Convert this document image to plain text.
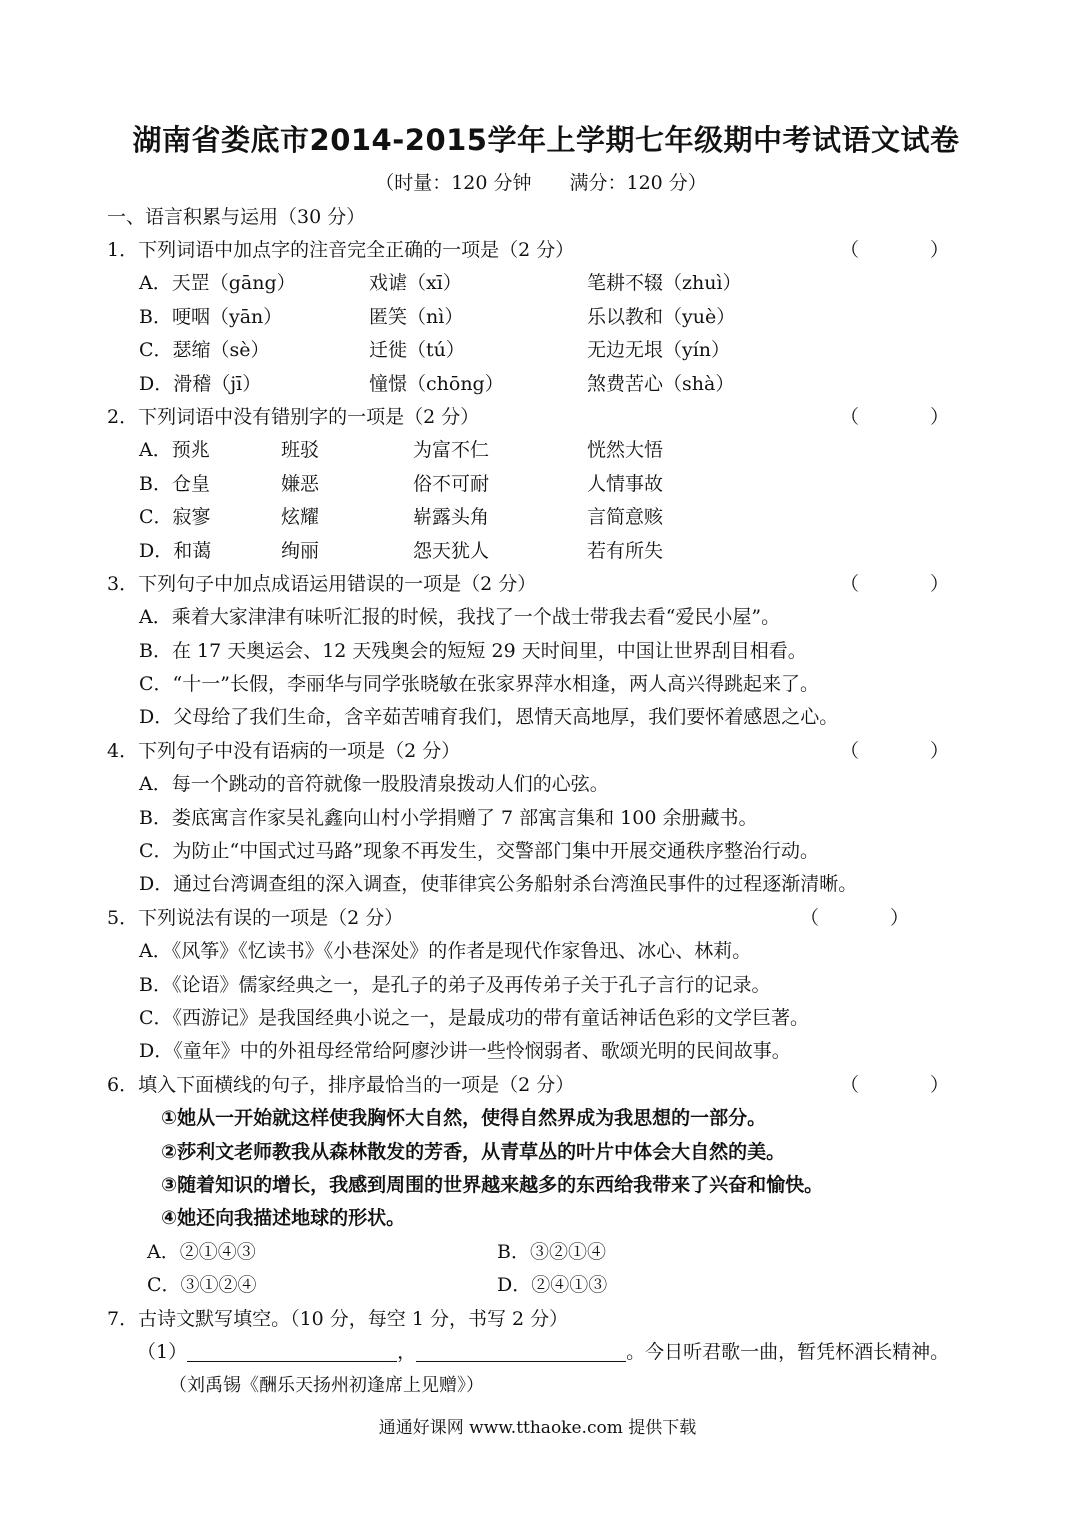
湖南省娄底市2014-2015学年上学期七年级期中考试语文试卷
（时量：120 分钟　　满分：120 分）
一、语言积累与运用（30 分）
1．下列词语中加点字的注音完全正确的一项是（2 分）	（　）
A．天罡（gāng）	戏谑（xī）	笔耕不辍（zhuì）
B．哽咽（yān）	匿笑（nì）	乐以教和（yuè）
C．瑟缩（sè）	迁徙（tú）	无边无垠（yín）
D．滑稽（jī）	憧憬（chōng）	煞费苦心（shà）
2．下列词语中没有错别字的一项是（2 分）	（　）
A．预兆	班驳	为富不仁	恍然大悟
B．仓皇	嫌恶	俗不可耐	人情事故
C．寂寥	炫耀	崭露头角	言简意赅
D．和蔼	绚丽	怨天犹人	若有所失
3．下列句子中加点成语运用错误的一项是（2 分）	（　）
A．乘着大家津津有味听汇报的时候，我找了一个战士带我去看“爱民小屋”。
B．在 17 天奥运会、12 天残奥会的短短 29 天时间里，中国让世界刮目相看。
C．“十一”长假，李丽华与同学张晓敏在张家界萍水相逢，两人高兴得跳起来了。
D．父母给了我们生命，含辛茹苦哺育我们，恩情天高地厚，我们要怀着感恩之心。
4．下列句子中没有语病的一项是（2 分）	（　）
A．每一个跳动的音符就像一股股清泉拨动人们的心弦。
B．娄底寓言作家吴礼鑫向山村小学捐赠了 7 部寓言集和 100 余册藏书。
C．为防止“中国式过马路”现象不再发生，交警部门集中开展交通秩序整治行动。
D．通过台湾调查组的深入调查，使菲律宾公务船射杀台湾渔民事件的过程逐渐清晰。
5．下列说法有误的一项是（2 分）	（　）
A．《风筝》《忆读书》《小巷深处》的作者是现代作家鲁迅、冰心、林莉。
B．《论语》儒家经典之一，是孔子的弟子及再传弟子关于孔子言行的记录。
C．《西游记》是我国经典小说之一，是最成功的带有童话神话色彩的文学巨著。
D．《童年》中的外祖母经常给阿廖沙讲一些怜悯弱者、歌颂光明的民间故事。
6．填入下面横线的句子，排序最恰当的一项是（2 分）	（　）
①她从一开始就这样使我胸怀大自然，使得自然界成为我思想的一部分。
②莎利文老师教我从森林散发的芳香，从青草丛的叶片中体会大自然的美。
③随着知识的增长，我感到周围的世界越来越多的东西给我带来了兴奋和愉快。
④她还向我描述地球的形状。
A．②①④③	B．③②①④
C．③①②④	D．②④①③
7．古诗文默写填空。（10 分，每空 1 分，书写 2 分）
（1）	，	。今日听君歌一曲，暂凭杯酒长精神。
（刘禹锡《酬乐天扬州初逢席上见赠》）
通通好课网 www.tthaoke.com 提供下载
